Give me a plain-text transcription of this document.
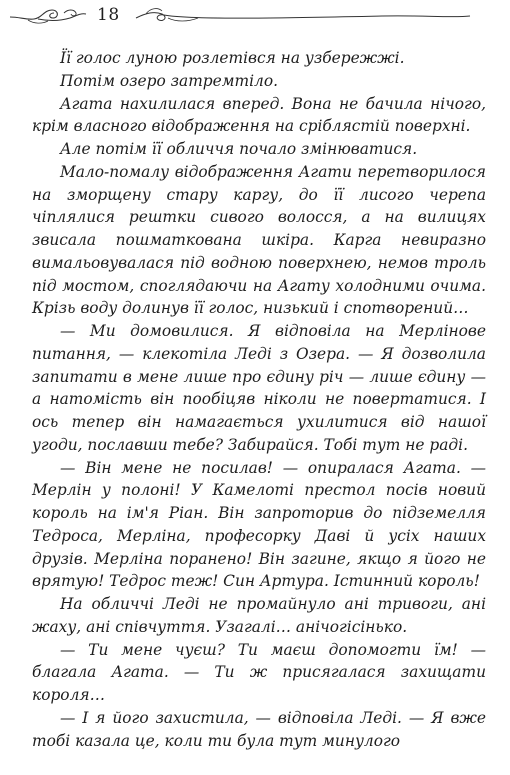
18

Її голос луною розлетівся на узбережжі.

Потім озеро затремтіло.

Агата нахилилася вперед. Вона не бачила нічого, крім власного відображення на сріблястій поверхні.

Але потім її обличчя почало змінюватися.

Мало-помалу відображення Агати перетворилося на зморщену стару каргу, до її лисого черепа чіплялися рештки сивого волосся, а на вилицях звисала пошматкована шкіра. Карга невиразно вимальовувалася під водною поверхнею, немов троль під мостом, споглядаючи на Агату холодними очима. Крізь воду долинув її голос, низький і спотворений…

— Ми домовилися. Я відповіла на Мерлінове питання, — клекотіла Леді з Озера. — Я дозволила запитати в мене лише про єдину річ — лише єдину — а натомість він пообіцяв ніколи не повертатися. І ось тепер він намагається ухилитися від нашої угоди, пославши тебе? Забирайся. Тобі тут не раді.

— Він мене не посилав! — опиралася Агата. — Мерлін у полоні! У Камелоті престол посів новий король на ім'я Ріан. Він запроторив до підземелля Тедроса, Мерліна, професорку Даві й усіх наших друзів. Мерліна поранено! Він загине, якщо я його не врятую! Тедрос теж! Син Артура. Істинний король!

На обличчі Леді не промайнуло ані тривоги, ані жаху, ані співчуття. Узагалі… анічогісінько.

— Ти мене чуєш? Ти маєш допомогти їм! — благала Агата. — Ти ж присягалася захищати короля…

— І я його захистила, — відповіла Леді. — Я вже тобі казала це, коли ти була тут минулого
